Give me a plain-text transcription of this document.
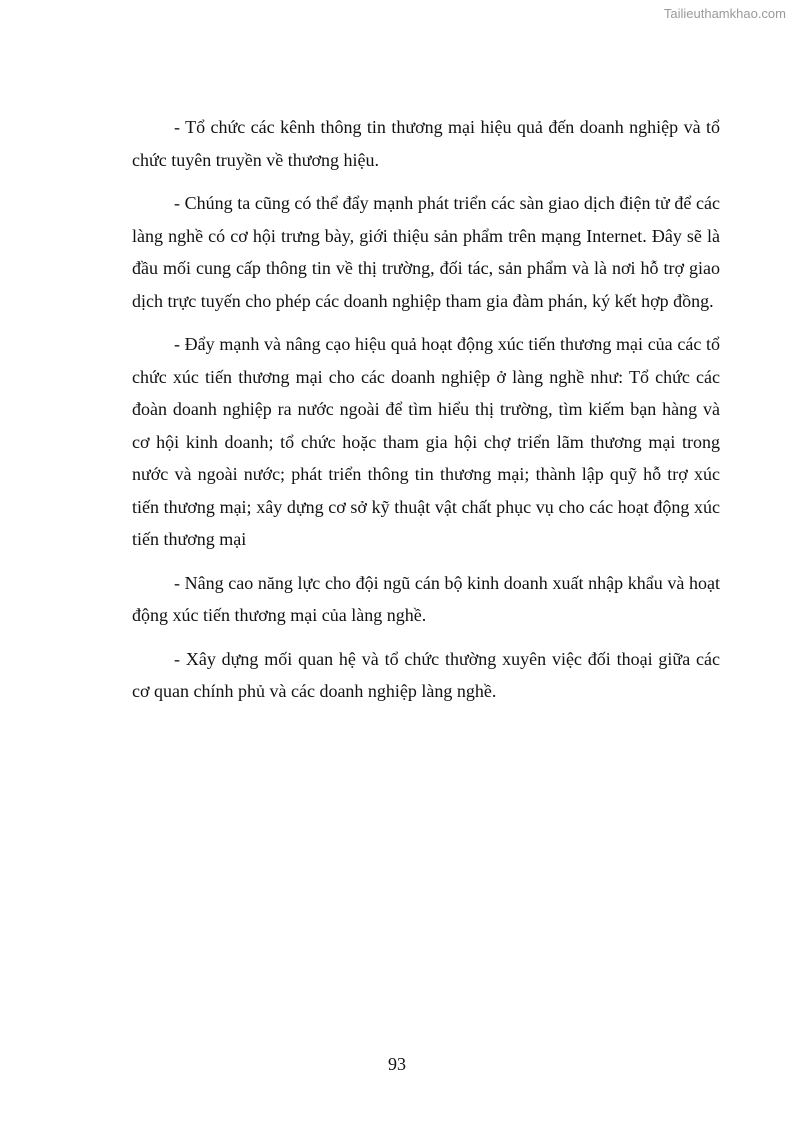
Tailieuthamkhao.com

- Tổ chức các kênh thông tin thương mại hiệu quả đến doanh nghiệp và tổ chức tuyên truyền về thương hiệu.

- Chúng ta cũng có thể đẩy mạnh phát triển các sàn giao dịch điện tử để các làng nghề có cơ hội trưng bày, giới thiệu sản phẩm trên mạng Internet. Đây sẽ là đầu mối cung cấp thông tin về thị trường, đối tác, sản phẩm và là nơi hỗ trợ giao dịch trực tuyến cho phép các doanh nghiệp tham gia đàm phán, ký kết hợp đồng.

- Đẩy mạnh và nâng cạo hiệu quả hoạt động xúc tiến thương mại của các tổ chức xúc tiến thương mại cho các doanh nghiệp ở làng nghề như: Tổ chức các đoàn doanh nghiệp ra nước ngoài để tìm hiểu thị trường, tìm kiếm bạn hàng và cơ hội kinh doanh; tổ chức hoặc tham gia hội chợ triển lãm thương mại trong nước và ngoài nước; phát triển thông tin thương mại; thành lập quỹ hỗ trợ xúc tiến thương mại; xây dựng cơ sở kỹ thuật vật chất phục vụ cho các hoạt động xúc tiến thương mại

- Nâng cao năng lực cho đội ngũ cán bộ kinh doanh xuất nhập khẩu và hoạt động xúc tiến thương mại của làng nghề.

- Xây dựng mối quan hệ và tổ chức thường xuyên việc đối thoại giữa các cơ quan chính phủ và các doanh nghiệp làng nghề.

93
